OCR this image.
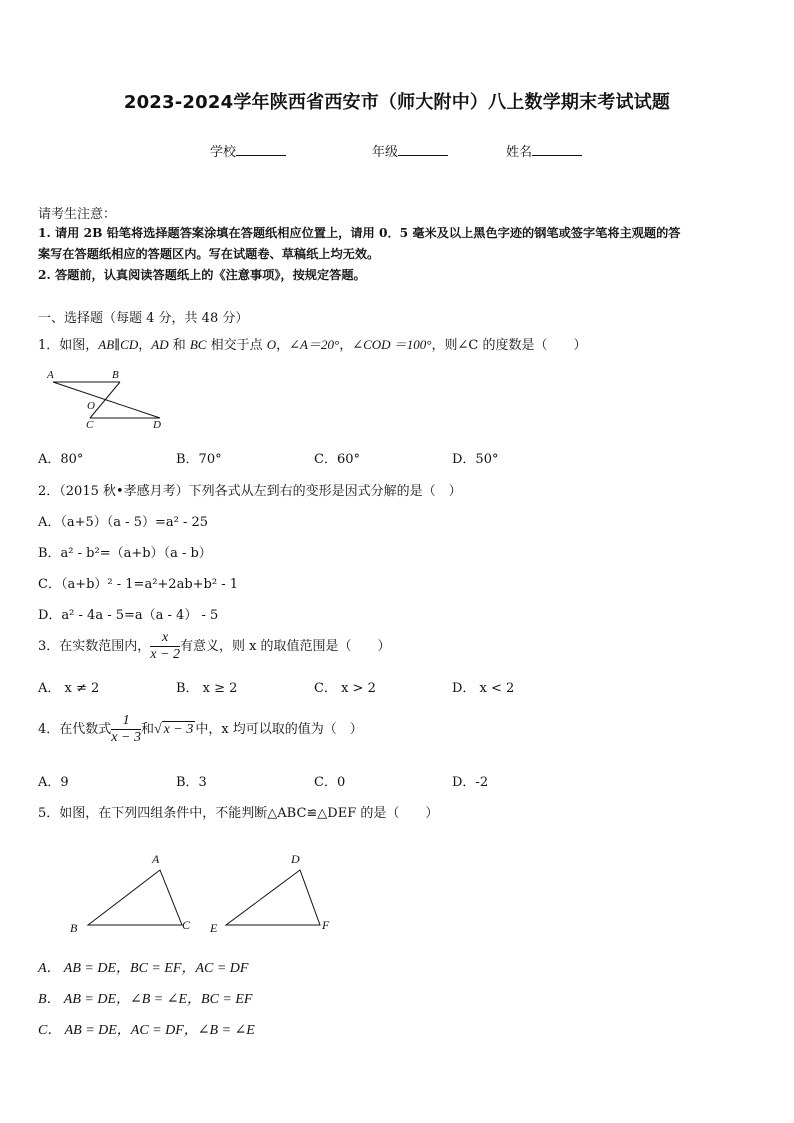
2023-2024学年陕西省西安市（师大附中）八上数学期末考试试题
学校	年级	姓名
请考生注意：
1. 请用 2B 铅笔将选择题答案涂填在答题纸相应位置上，请用 0．5 毫米及以上黑色字迹的钢笔或签字笔将主观题的答
案写在答题纸相应的答题区内。写在试题卷、草稿纸上均无效。
2. 答题前，认真阅读答题纸上的《注意事项》，按规定答题。
一、选择题（每题 4 分，共 48 分）
1．如图，AB∥CD，AD 和 BC 相交于点 O，∠A＝20°，∠COD ＝100°，则∠C 的度数是（　　）
A	B
O
C	D
A．80°	B．70°	C．60°	D．50°
2．（2015 秋•孝感月考）下列各式从左到右的变形是因式分解的是（　）
A．（a+5）（a - 5）=a² - 25
B．a² - b²=（a+b）（a - b）
C．（a+b）² - 1=a²+2ab+b² - 1
D．a² - 4a - 5=a（a - 4） - 5
3．在实数范围内， $\frac{x}{x - 2}$ 有意义，则 x 的取值范围是（　　）
A． x ≠ 2	B． x ≥ 2	C． x > 2	D． x < 2
4．在代数式 $\frac{1}{x - 3}$ 和√ x − 3 中，x 均可以取的值为（　）
A．9	B．3	C．0	D．-2
5．如图，在下列四组条件中，不能判断△ABC≌△DEF 的是（　　）
A
B	C
D
E	F
A． AB = DE，BC = EF，AC = DF
B． AB = DE，∠B = ∠E，BC = EF
C． AB = DE，AC = DF，∠B = ∠E
